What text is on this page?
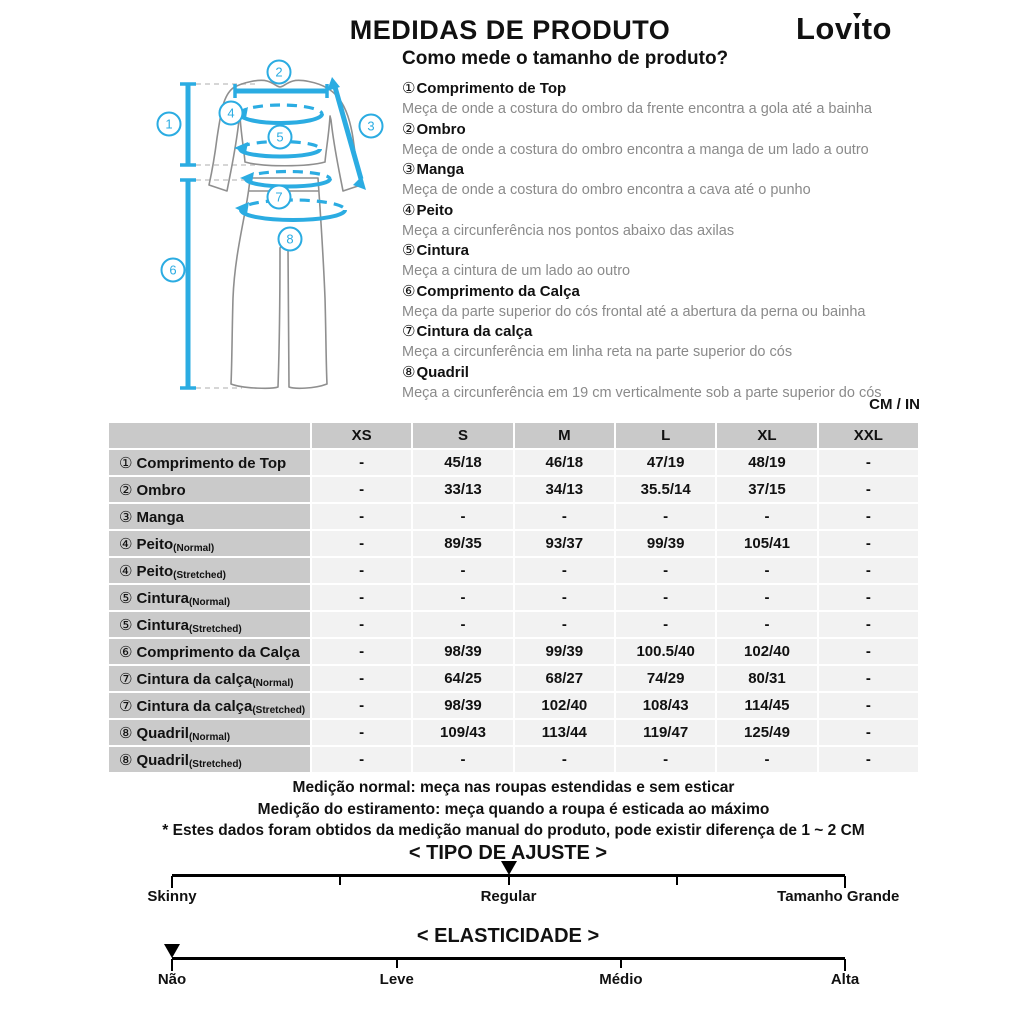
MEDIDAS DE PRODUTO	Lovı
to
1
2
3
4
5
6
7
8
Como mede o tamanho de produto?
①Comprimento de Top
Meça de onde a costura do ombro da frente encontra a gola até a bainha
②Ombro
Meça de onde a costura do ombro encontra a manga de um lado a outro
③Manga
Meça de onde a costura do ombro encontra a cava até o punho
④Peito
Meça a circunferência nos pontos abaixo das axilas
⑤Cintura
Meça a cintura de um lado ao outro
⑥Comprimento da Calça
Meça da parte superior do cós frontal até a abertura da perna ou bainha
⑦Cintura da calça
Meça a circunferência em linha reta na parte superior do cós
⑧Quadril
Meça a circunferência em 19 cm verticalmente sob a parte superior do cós
CM / IN
	XS	S	M	L	XL	XXL
① Comprimento de Top	-	45/18	46/18	47/19	48/19	-
② Ombro	-	33/13	34/13	35.5/14	37/15	-
③ Manga	-	-	-	-	-	-
④ Peito(Normal)	-	89/35	93/37	99/39	105/41	-
④ Peito(Stretched)	-	-	-	-	-	-
⑤ Cintura(Normal)	-	-	-	-	-	-
⑤ Cintura(Stretched)	-	-	-	-	-	-
⑥ Comprimento da Calça	-	98/39	99/39	100.5/40	102/40	-
⑦ Cintura da calça(Normal)	-	64/25	68/27	74/29	80/31	-
⑦ Cintura da calça(Stretched)	-	98/39	102/40	108/43	114/45	-
⑧ Quadril(Normal)	-	109/43	113/44	119/47	125/49	-
⑧ Quadril(Stretched)	-	-	-	-	-	-
Medição normal: meça nas roupas estendidas e sem esticar
Medição do estiramento: meça quando a roupa é esticada ao máximo
* Estes dados foram obtidos da medição manual do produto, pode existir diferença de 1 ~ 2 CM
< TIPO DE AJUSTE >
Skinny	Regular	Tamanho Grande
< ELASTICIDADE >
Não	Leve	Médio	Alta
